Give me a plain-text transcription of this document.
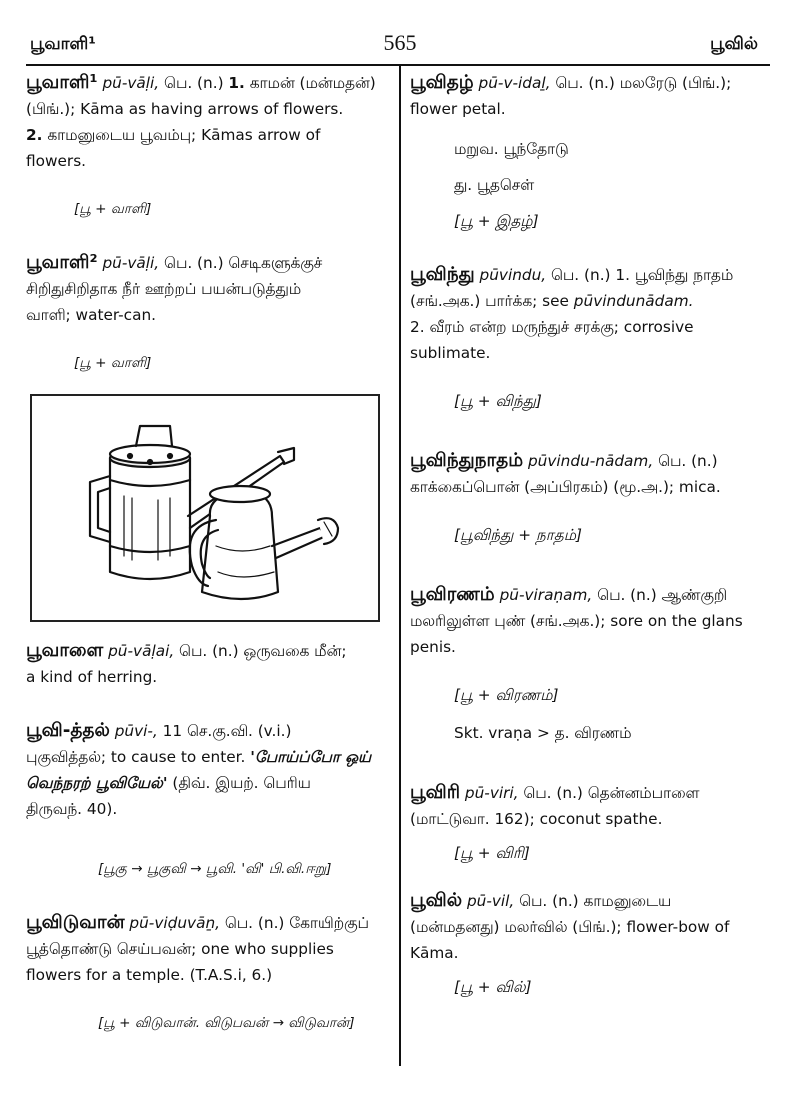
பூவாளி¹	565	பூவில்
பூவாளி¹ pū-vāḷi, பெ. (n.) 1. காமன் (மன்மதன்)
(பிங்.); Kāma as having arrows of flowers.
2. காமனுடைய பூவம்பு; Kāmas arrow of
flowers.
[பூ + வாளி]
பூவாளி² pū-vāḷi, பெ. (n.) செடிகளுக்குச்
சிறிதுசிறிதாக நீர் ஊற்றப் பயன்படுத்தும்
வாளி; water-can.
[பூ + வாளி]
பூவாளை pū-vāḷai, பெ. (n.) ஒருவகை மீன்;
a kind of herring.
பூவி-த்தல் pūvi-, 11 செ.கு.வி. (v.i.)
புகுவித்தல்; to cause to enter. 'போய்ப்போ ஒய்
வெந்நரற் பூவியேல்' (திவ். இயற். பெரிய
திருவந். 40).
[பூகு → பூகுவி → பூவி. 'வி' பி.வி.ஈறு]
பூவிடுவான் pū-viḍuvāṉ, பெ. (n.) கோயிற்குப்
பூத்தொண்டு செய்பவன்; one who supplies
flowers for a temple. (T.A.S.i, 6.)
[பூ + விடுவான். விடுபவன் → விடுவான்]
பூவிதழ் pū-v-idaḻ, பெ. (n.) மலரேடு (பிங்.);
flower petal.
மறுவ. பூந்தோடு
து. பூதசெள்
[பூ + இதழ்]
பூவிந்து pūvindu, பெ. (n.) 1. பூவிந்து நாதம்
(சங்.அக.) பார்க்க; see pūvindunādam.
2. வீரம் என்ற மருந்துச் சரக்கு; corrosive
sublimate.
[பூ + விந்து]
பூவிந்துநாதம் pūvindu-nādam, பெ. (n.)
காக்கைப்பொன் (அப்பிரகம்) (மூ.அ.); mica.
[பூவிந்து + நாதம்]
பூவிரணம் pū-viraṇam, பெ. (n.) ஆண்குறி
மலரிலுள்ள புண் (சங்.அக.); sore on the glans
penis.
[பூ + விரணம்]
Skt. vraṇa > த. விரணம்
பூவிரி pū-viri, பெ. (n.) தென்னம்பாளை
(மாட்டுவா. 162); coconut spathe.
[பூ + விரி]
பூவில் pū-vil, பெ. (n.) காமனுடைய
(மன்மதனது) மலர்வில் (பிங்.); flower-bow of
Kāma.
[பூ + வில்]
